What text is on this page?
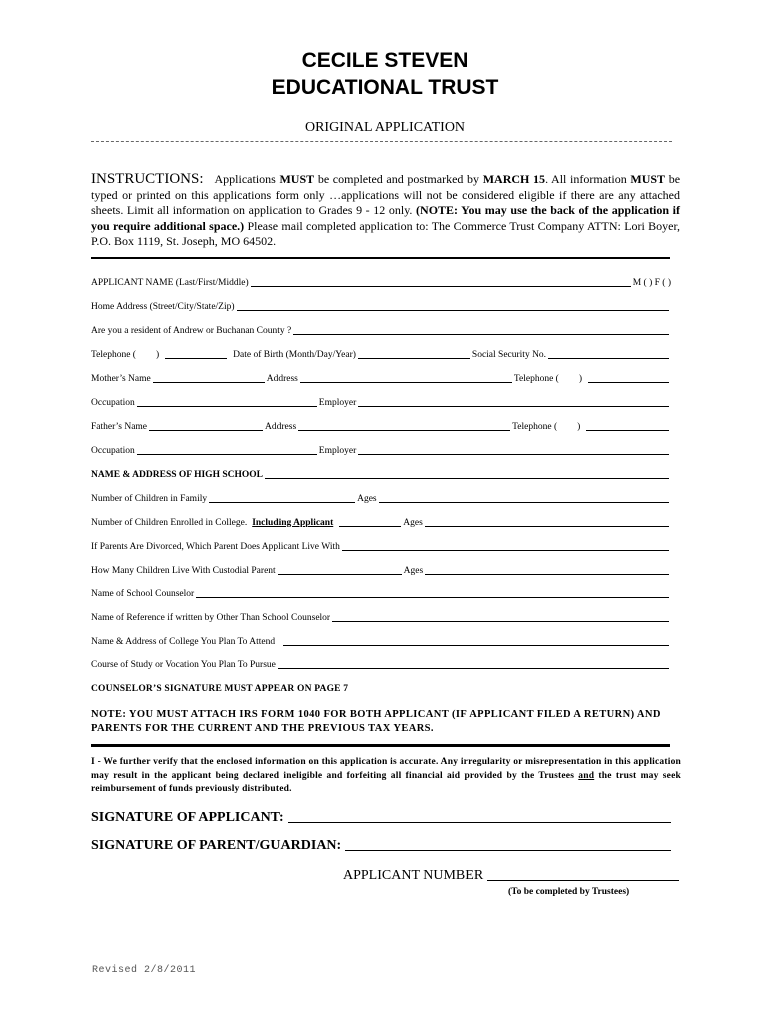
CECILE STEVEN
EDUCATIONAL TRUST
ORIGINAL APPLICATION
INSTRUCTIONS: Applications MUST be completed and postmarked by MARCH 15. All information MUST be typed or printed on this applications form only …applications will not be considered eligible if there are any attached sheets. Limit all information on application to Grades 9 - 12 only. (NOTE: You may use the back of the application if you require additional space.) Please mail completed application to: The Commerce Trust Company ATTN: Lori Boyer, P.O. Box 1119, St. Joseph, MO 64502.
APPLICANT NAME (Last/First/Middle)	M ( ) F ( )
Home Address (Street/City/State/Zip)
Are you a resident of Andrew or Buchanan County ?
Telephone ( )	Date of Birth (Month/Day/Year)	Social Security No.
Mother’s Name	Address	Telephone ( )
Occupation	Employer
Father’s Name	Address	Telephone ( )
Occupation	Employer
NAME & ADDRESS OF HIGH SCHOOL
Number of Children in Family	Ages
Number of Children Enrolled in College. Including Applicant	Ages
If Parents Are Divorced, Which Parent Does Applicant Live With
How Many Children Live With Custodial Parent	Ages
Name of School Counselor
Name of Reference if written by Other Than School Counselor
Name & Address of College You Plan To Attend
Course of Study or Vocation You Plan To Pursue
COUNSELOR’S SIGNATURE MUST APPEAR ON PAGE 7
NOTE: YOU MUST ATTACH IRS FORM 1040 FOR BOTH APPLICANT (IF APPLICANT FILED A RETURN) AND PARENTS FOR THE CURRENT AND THE PREVIOUS TAX YEARS.
I - We further verify that the enclosed information on this application is accurate. Any irregularity or misrepresentation in this application may result in the applicant being declared ineligible and forfeiting all financial aid provided by the Trustees and the trust may seek reimbursement of funds previously distributed.
SIGNATURE OF APPLICANT:
SIGNATURE OF PARENT/GUARDIAN:
APPLICANT NUMBER
(To be completed by Trustees)
Revised 2/8/2011
